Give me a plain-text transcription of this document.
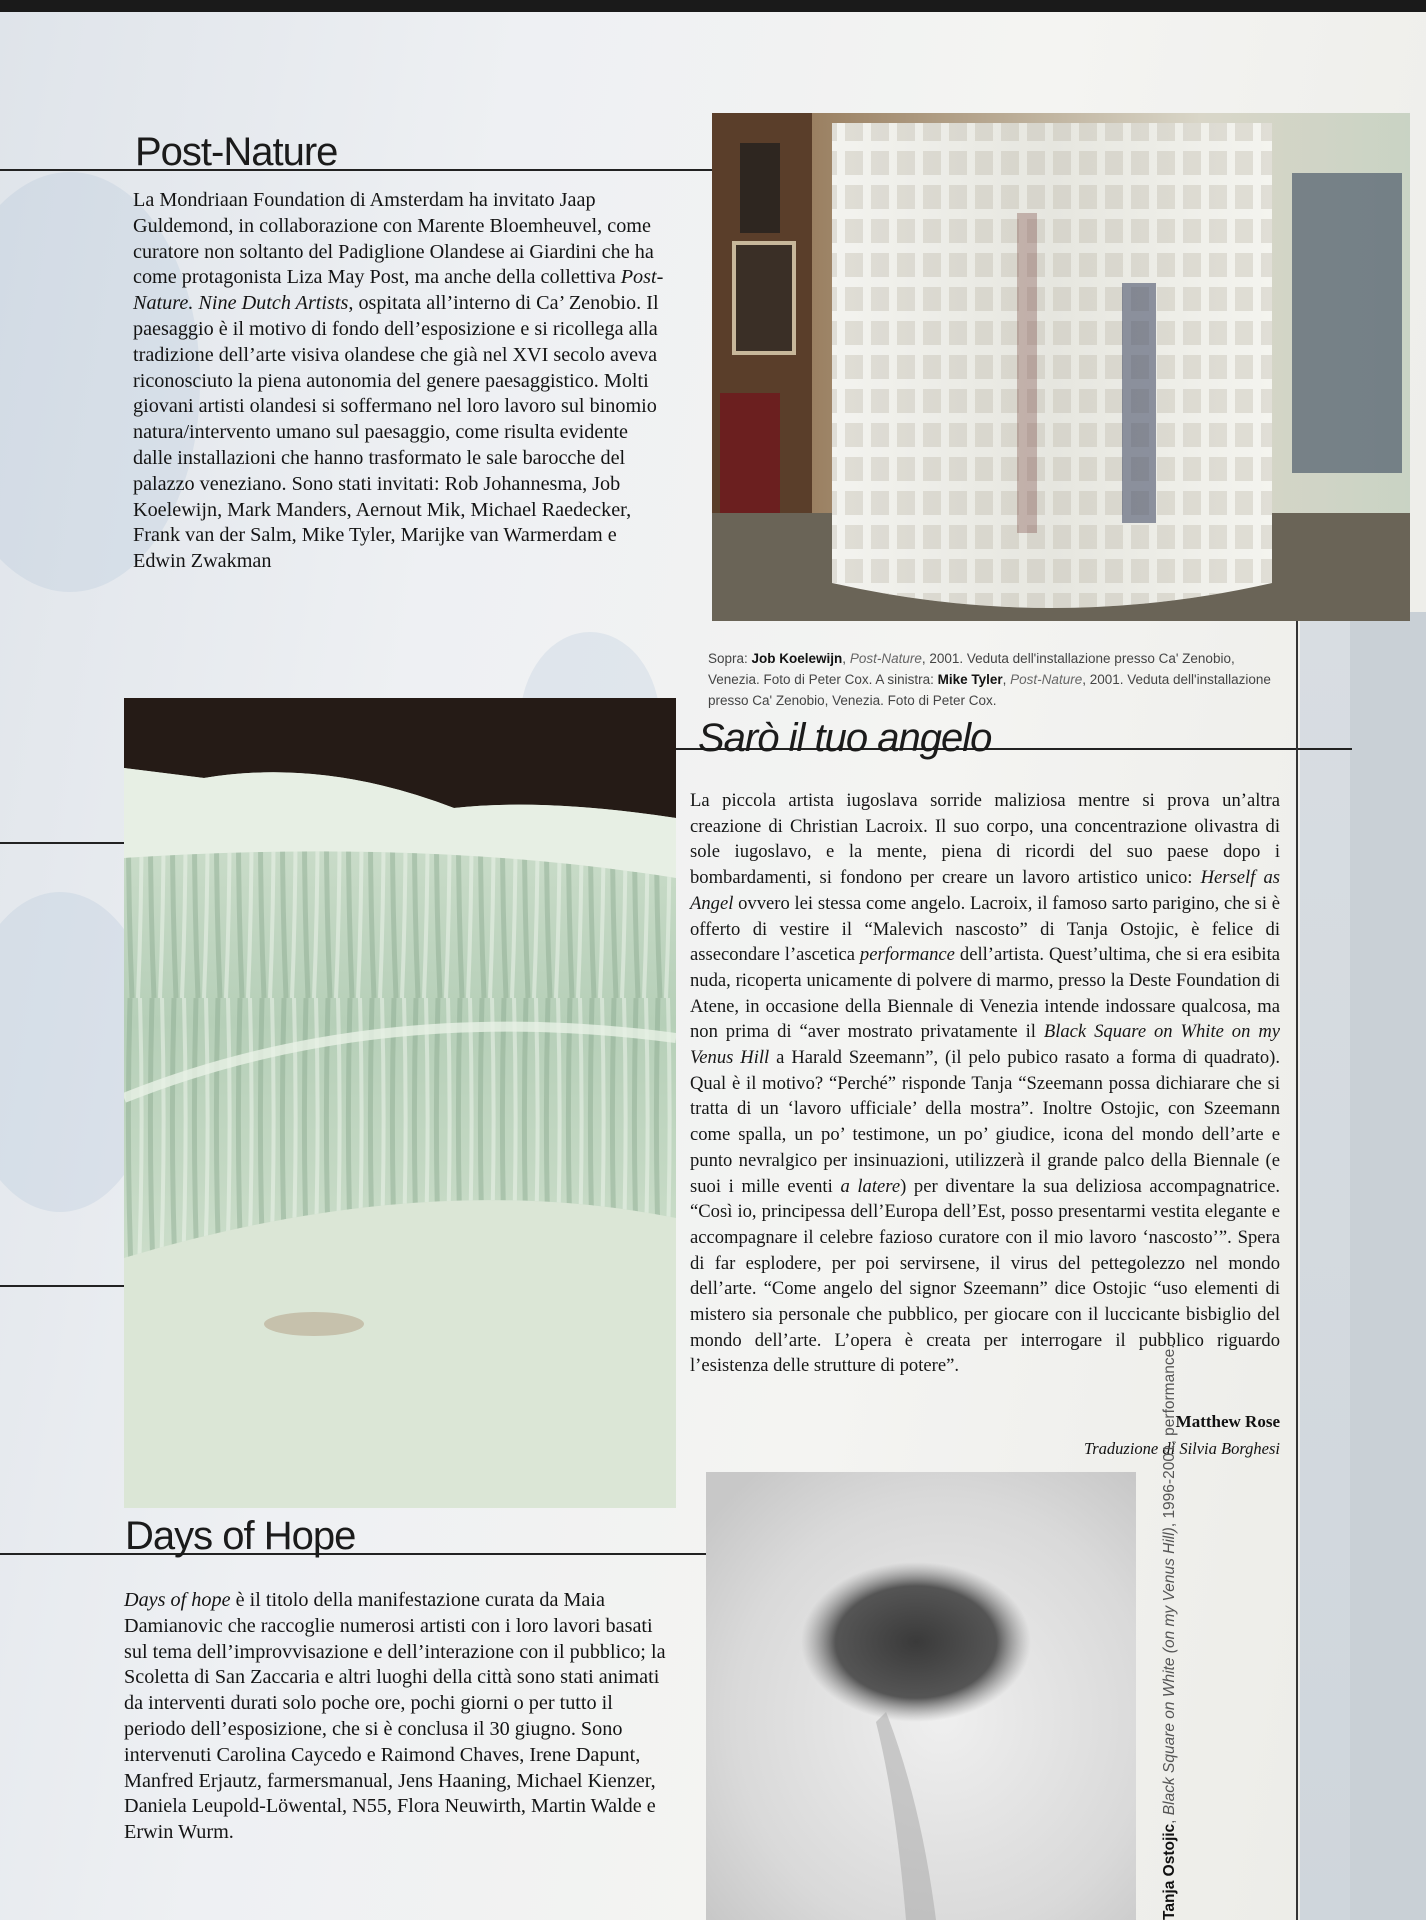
Post-Nature

La Mondriaan Foundation di Amsterdam ha invitato Jaap Guldemond, in collaborazione con Marente Bloemheuvel, come curatore non soltanto del Padiglione Olandese ai Giardini che ha come protagonista Liza May Post, ma anche della collettiva Post-Nature. Nine Dutch Artists, ospitata all’interno di Ca’ Zenobio. Il paesaggio è il motivo di fondo dell’esposizione e si ricollega alla tradizione dell’arte visiva olandese che già nel XVI secolo aveva riconosciuto la piena autonomia del genere paesaggistico. Molti giovani artisti olandesi si soffermano nel loro lavoro sul binomio natura/intervento umano sul paesaggio, come risulta evidente dalle installazioni che hanno trasformato le sale barocche del palazzo veneziano. Sono stati invitati: Rob Johannesma, Job Koelewijn, Mark Manders, Aernout Mik, Michael Raedecker, Frank van der Salm, Mike Tyler, Marijke van Warmerdam e Edwin Zwakman

Sopra: Job Koelewijn, Post-Nature, 2001. Veduta dell'installazione presso Ca' Zenobio, Venezia. Foto di Peter Cox. A sinistra: Mike Tyler, Post-Nature, 2001. Veduta dell'installazione presso Ca' Zenobio, Venezia. Foto di Peter Cox.

Sarò il tuo angelo

La piccola artista iugoslava sorride maliziosa mentre si prova un’altra creazione di Christian Lacroix. Il suo corpo, una concentrazione olivastra di sole iugoslavo, e la mente, piena di ricordi del suo paese dopo i bombardamenti, si fondono per creare un lavoro artistico unico: Herself as Angel ovvero lei stessa come angelo. Lacroix, il famoso sarto parigino, che si è offerto di vestire il “Malevich nascosto” di Tanja Ostojic, è felice di assecondare l’ascetica performance dell’artista. Quest’ultima, che si era esibita nuda, ricoperta unicamente di polvere di marmo, presso la Deste Foundation di Atene, in occasione della Biennale di Venezia intende indossare qualcosa, ma non prima di “aver mostrato privatamente il Black Square on White on my Venus Hill a Harald Szeemann”, (il pelo pubico rasato a forma di quadrato). Qual è il motivo? “Perché” risponde Tanja “Szeemann possa dichiarare che si tratta di un ‘lavoro ufficiale’ della mostra”. Inoltre Ostojic, con Szeemann come spalla, un po’ testimone, un po’ giudice, icona del mondo dell’arte e punto nevralgico per insinuazioni, utilizzerà il grande palco della Biennale (e suoi i mille eventi a latere) per diventare la sua deliziosa accompagnatrice. “Così io, principessa dell’Europa dell’Est, posso presentarmi vestita elegante e accompagnare il celebre fazioso curatore con il mio lavoro ‘nascosto’”. Spera di far esplodere, per poi servirsene, il virus del pettegolezzo nel mondo dell’arte. “Come angelo del signor Szeemann” dice Ostojic “uso elementi di mistero sia personale che pubblico, per giocare con il luccicante bisbiglio del mondo dell’arte. L’opera è creata per interrogare il pubblico riguardo l’esistenza delle strutture di potere”.

Matthew Rose

Traduzione di Silvia Borghesi

Days of Hope

Days of hope è il titolo della manifestazione curata da Maia Damianovic che raccoglie numerosi artisti con i loro lavori basati sul tema dell’improvvisazione e dell’interazione con il pubblico; la Scoletta di San Zaccaria e altri luoghi della città sono stati animati da interventi durati solo poche ore, pochi giorni o per tutto il periodo dell’esposizione, che si è conclusa il 30 giugno. Sono intervenuti Carolina Caycedo e Raimond Chaves, Irene Dapunt, Manfred Erjautz, farmersmanual, Jens Haaning, Michael Kienzer, Daniela Leupold-Löwental, N55, Flora Neuwirth, Martin Walde e Erwin Wurm.	Tanja Ostojic, Black Square on White (on my Venus Hill), 1996-2001, performance.
